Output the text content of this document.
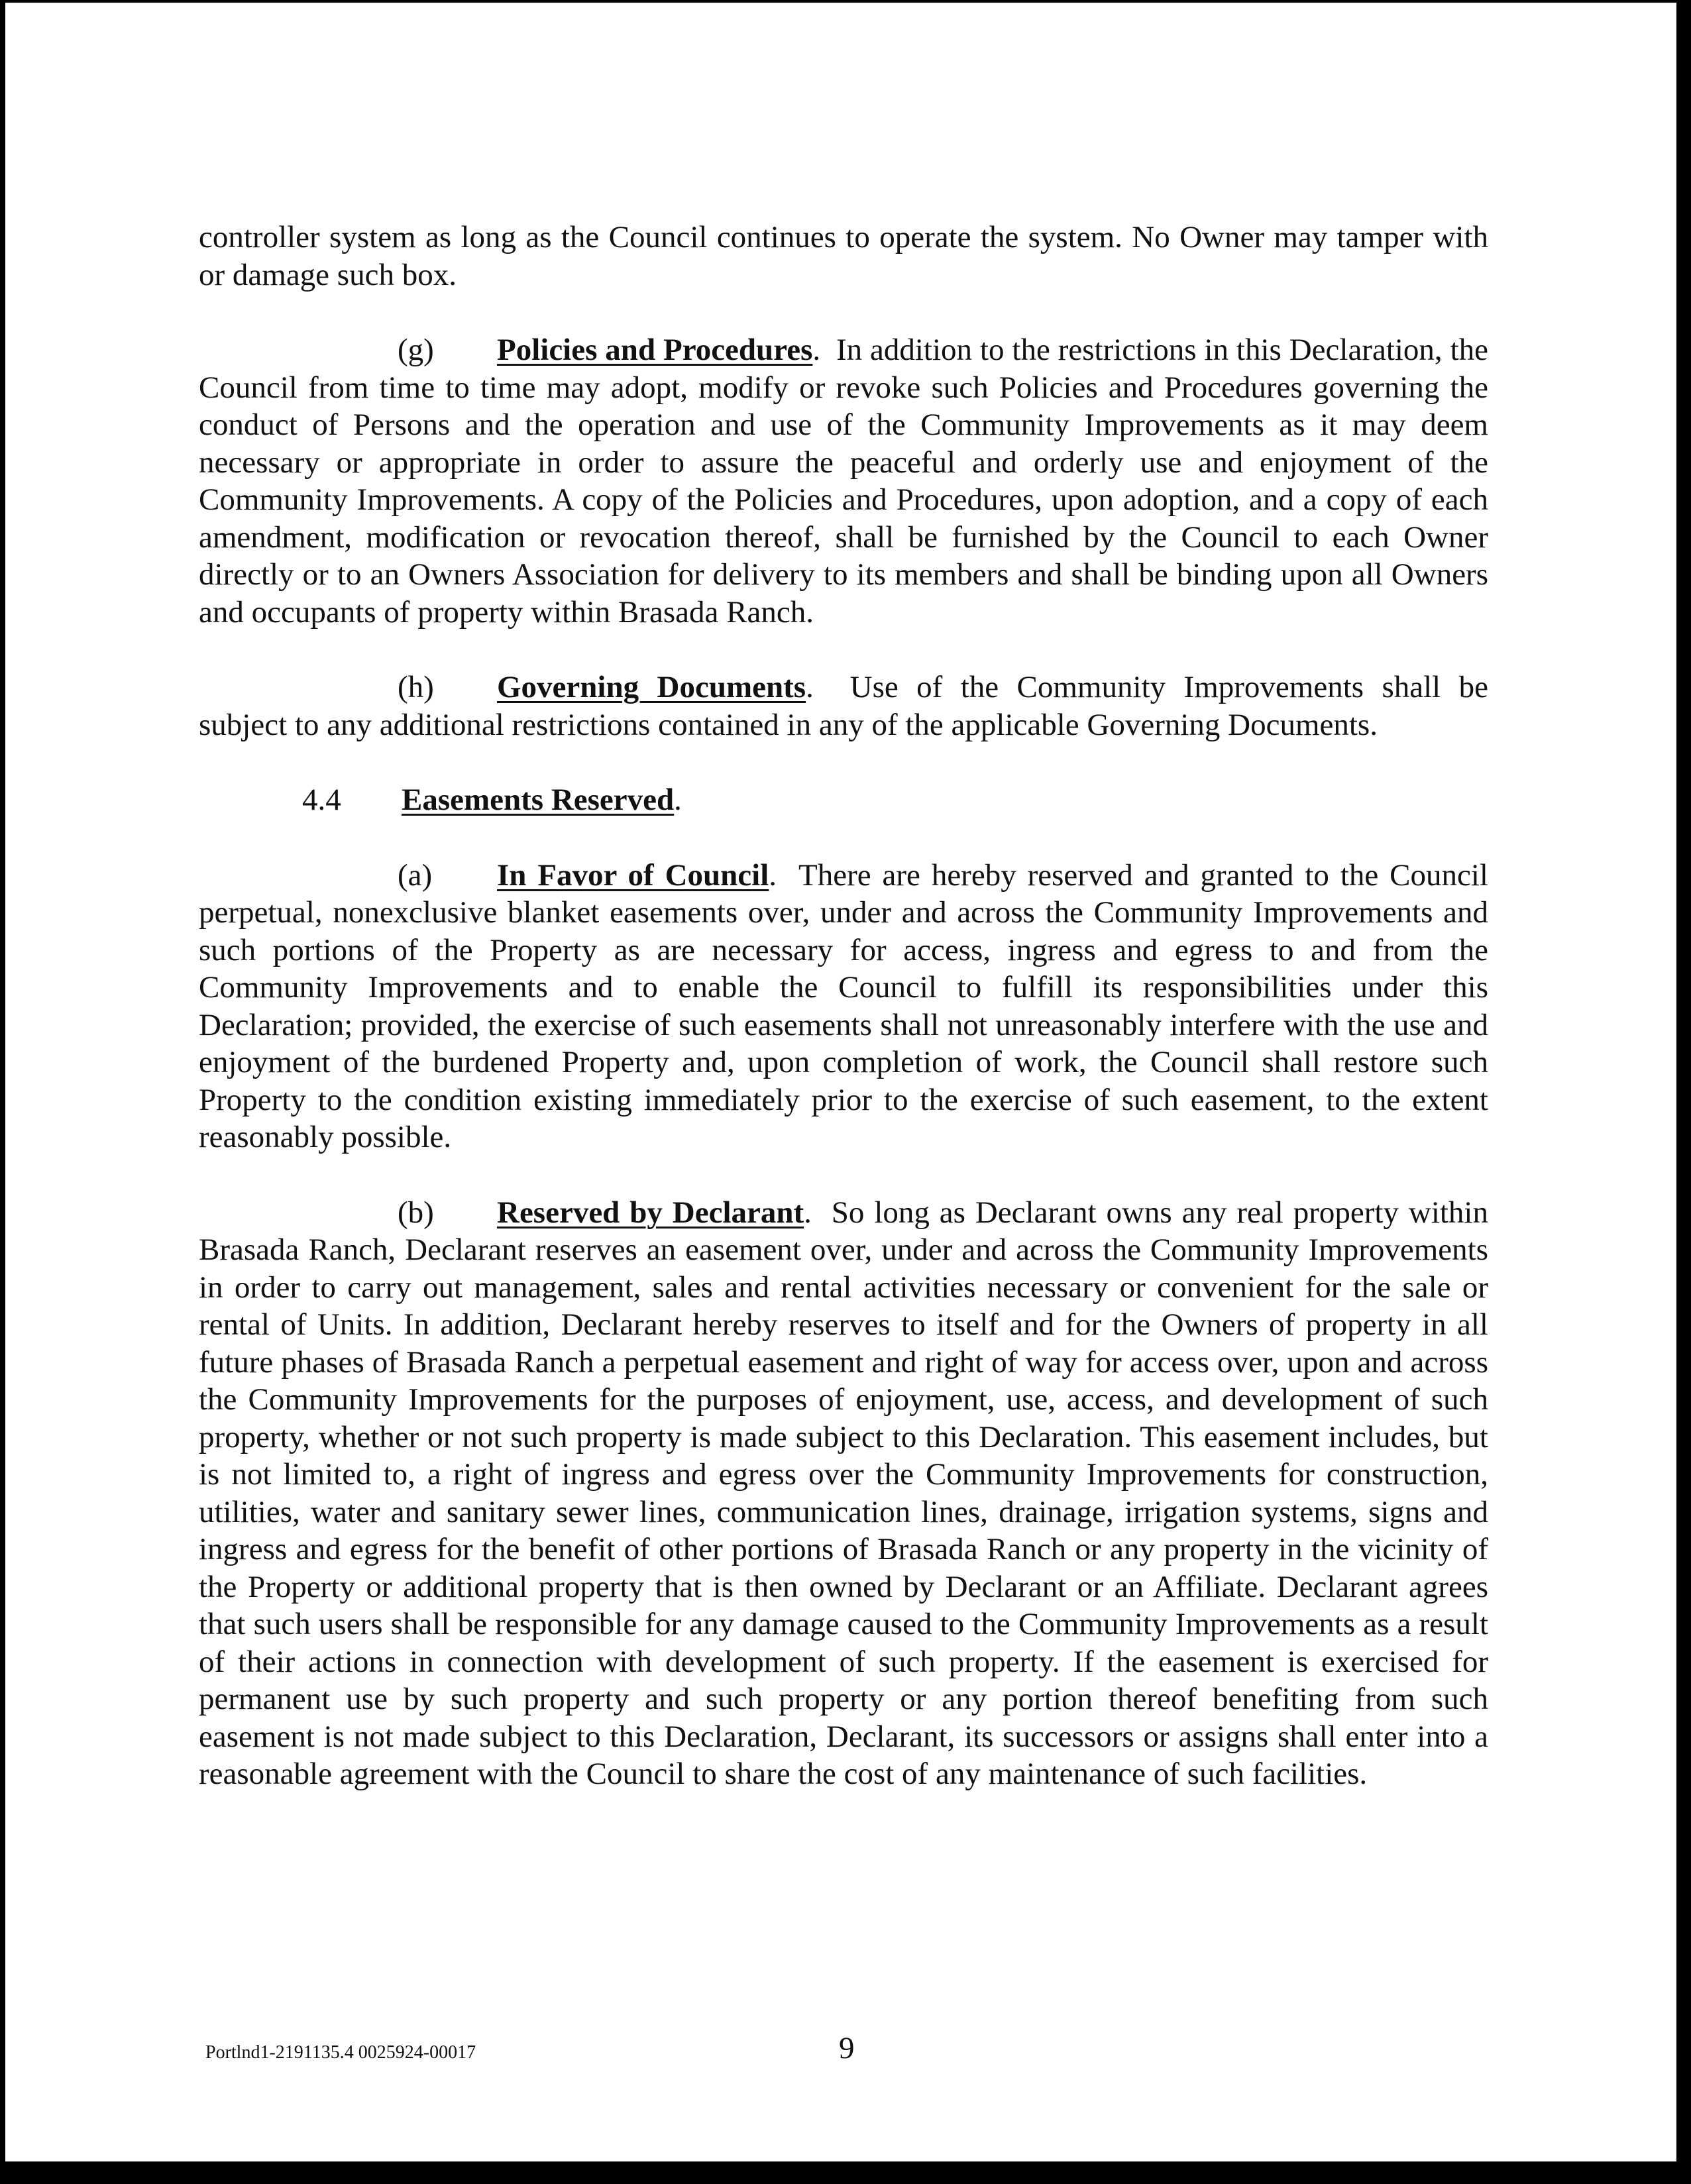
controller system as long as the Council continues to operate the system. No Owner may tamper with or damage such box.

(g) Policies and Procedures.  In addition to the restrictions in this Declaration, the Council from time to time may adopt, modify or revoke such Policies and Procedures governing the conduct of Persons and the operation and use of the Community Improvements as it may deem necessary or appropriate in order to assure the peaceful and orderly use and enjoyment of the Community Improvements. A copy of the Policies and Procedures, upon adoption, and a copy of each amendment, modification or revocation thereof, shall be furnished by the Council to each Owner directly or to an Owners Association for delivery to its members and shall be binding upon all Owners and occupants of property within Brasada Ranch.

(h) Governing Documents.  Use of the Community Improvements shall be subject to any additional restrictions contained in any of the applicable Governing Documents.

4.4 Easements Reserved.

(a) In Favor of Council.  There are hereby reserved and granted to the Council perpetual, nonexclusive blanket easements over, under and across the Community Improvements and such portions of the Property as are necessary for access, ingress and egress to and from the Community Improvements and to enable the Council to fulfill its responsibilities under this Declaration; provided, the exercise of such easements shall not unreasonably interfere with the use and enjoyment of the burdened Property and, upon completion of work, the Council shall restore such Property to the condition existing immediately prior to the exercise of such easement, to the extent reasonably possible.

(b) Reserved by Declarant.  So long as Declarant owns any real property within Brasada Ranch, Declarant reserves an easement over, under and across the Community Improvements in order to carry out management, sales and rental activities necessary or convenient for the sale or rental of Units. In addition, Declarant hereby reserves to itself and for the Owners of property in all future phases of Brasada Ranch a perpetual easement and right of way for access over, upon and across the Community Improvements for the purposes of enjoyment, use, access, and development of such property, whether or not such property is made subject to this Declaration. This easement includes, but is not limited to, a right of ingress and egress over the Community Improvements for construction, utilities, water and sanitary sewer lines, communication lines, drainage, irrigation systems, signs and ingress and egress for the benefit of other portions of Brasada Ranch or any property in the vicinity of the Property or additional property that is then owned by Declarant or an Affiliate. Declarant agrees that such users shall be responsible for any damage caused to the Community Improvements as a result of their actions in connection with development of such property. If the easement is exercised for permanent use by such property and such property or any portion thereof benefiting from such easement is not made subject to this Declaration, Declarant, its successors or assigns shall enter into a reasonable agreement with the Council to share the cost of any maintenance of such facilities.

Portlnd1-2191135.4 0025924-00017	9
